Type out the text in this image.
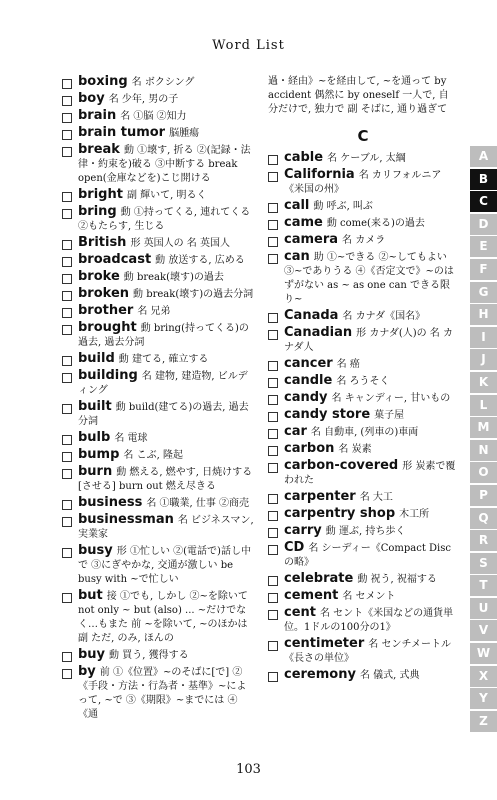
Word List
boxing 名 ボクシング
boy 名 少年, 男の子
brain 名 ①脳 ②知力
brain tumor 脳腫瘍
break 動 ①壊す, 折る ②(記録・法律・約束を)破る ③中断する break open(金庫などを)こじ開ける
bright 副 輝いて, 明るく
bring 動 ①持ってくる, 連れてくる ②もたらす, 生じる
British 形 英国人の 名 英国人
broadcast 動 放送する, 広める
broke 動 break(壊す)の過去
broken 動 break(壊す)の過去分詞
brother 名 兄弟
brought 動 bring(持ってくる)の過去, 過去分詞
build 動 建てる, 確立する
building 名 建物, 建造物, ビルディング
built 動 build(建てる)の過去, 過去分詞
bulb 名 電球
bump 名 こぶ, 隆起
burn 動 燃える, 燃やす, 日焼けする[させる] burn out 燃え尽きる
business 名 ①職業, 仕事 ②商売
businessman 名 ビジネスマン, 実業家
busy 形 ①忙しい ②(電話で)話し中で ③にぎやかな, 交通が激しい be busy with ~で忙しい
but 接 ①でも, しかし ②~を除いて not only ~ but (also) ... ~だけでなく…もまた 前 ~を除いて, ~のほかは 副 ただ, のみ, ほんの
buy 動 買う, 獲得する
by 前 ①《位置》~のそばに[で] ②《手段・方法・行為者・基準》~によって, ~で ③《期限》~までには ④《通
過・経由》~を経由して, ~を通って by accident 偶然に by oneself 一人で, 自分だけで, 独力で 副 そばに, 通り過ぎて
C
cable 名 ケーブル, 太綱
California 名 カリフォルニア《米国の州》
call 動 呼ぶ, 叫ぶ
came 動 come(来る)の過去
camera 名 カメラ
can 助 ①~できる ②~してもよい ③~でありうる ④《否定文で》~のはずがない as ~ as one can できる限り~
Canada 名 カナダ《国名》
Canadian 形 カナダ(人)の 名 カナダ人
cancer 名 癌
candle 名 ろうそく
candy 名 キャンディー, 甘いもの
candy store 菓子屋
car 名 自動車, (列車の)車両
carbon 名 炭素
carbon-covered 形 炭素で覆われた
carpenter 名 大工
carpentry shop 木工所
carry 動 運ぶ, 持ち歩く
CD 名 シーディー《Compact Discの略》
celebrate 動 祝う, 祝福する
cement 名 セメント
cent 名 セント《米国などの通貨単位。1ドルの100分の1》
centimeter 名 センチメートル《長さの単位》
ceremony 名 儀式, 式典
A
B
C
D
E
F
G
H
I
J
K
L
M
N
O
P
Q
R
S
T
U
V
W
X
Y
Z
103
